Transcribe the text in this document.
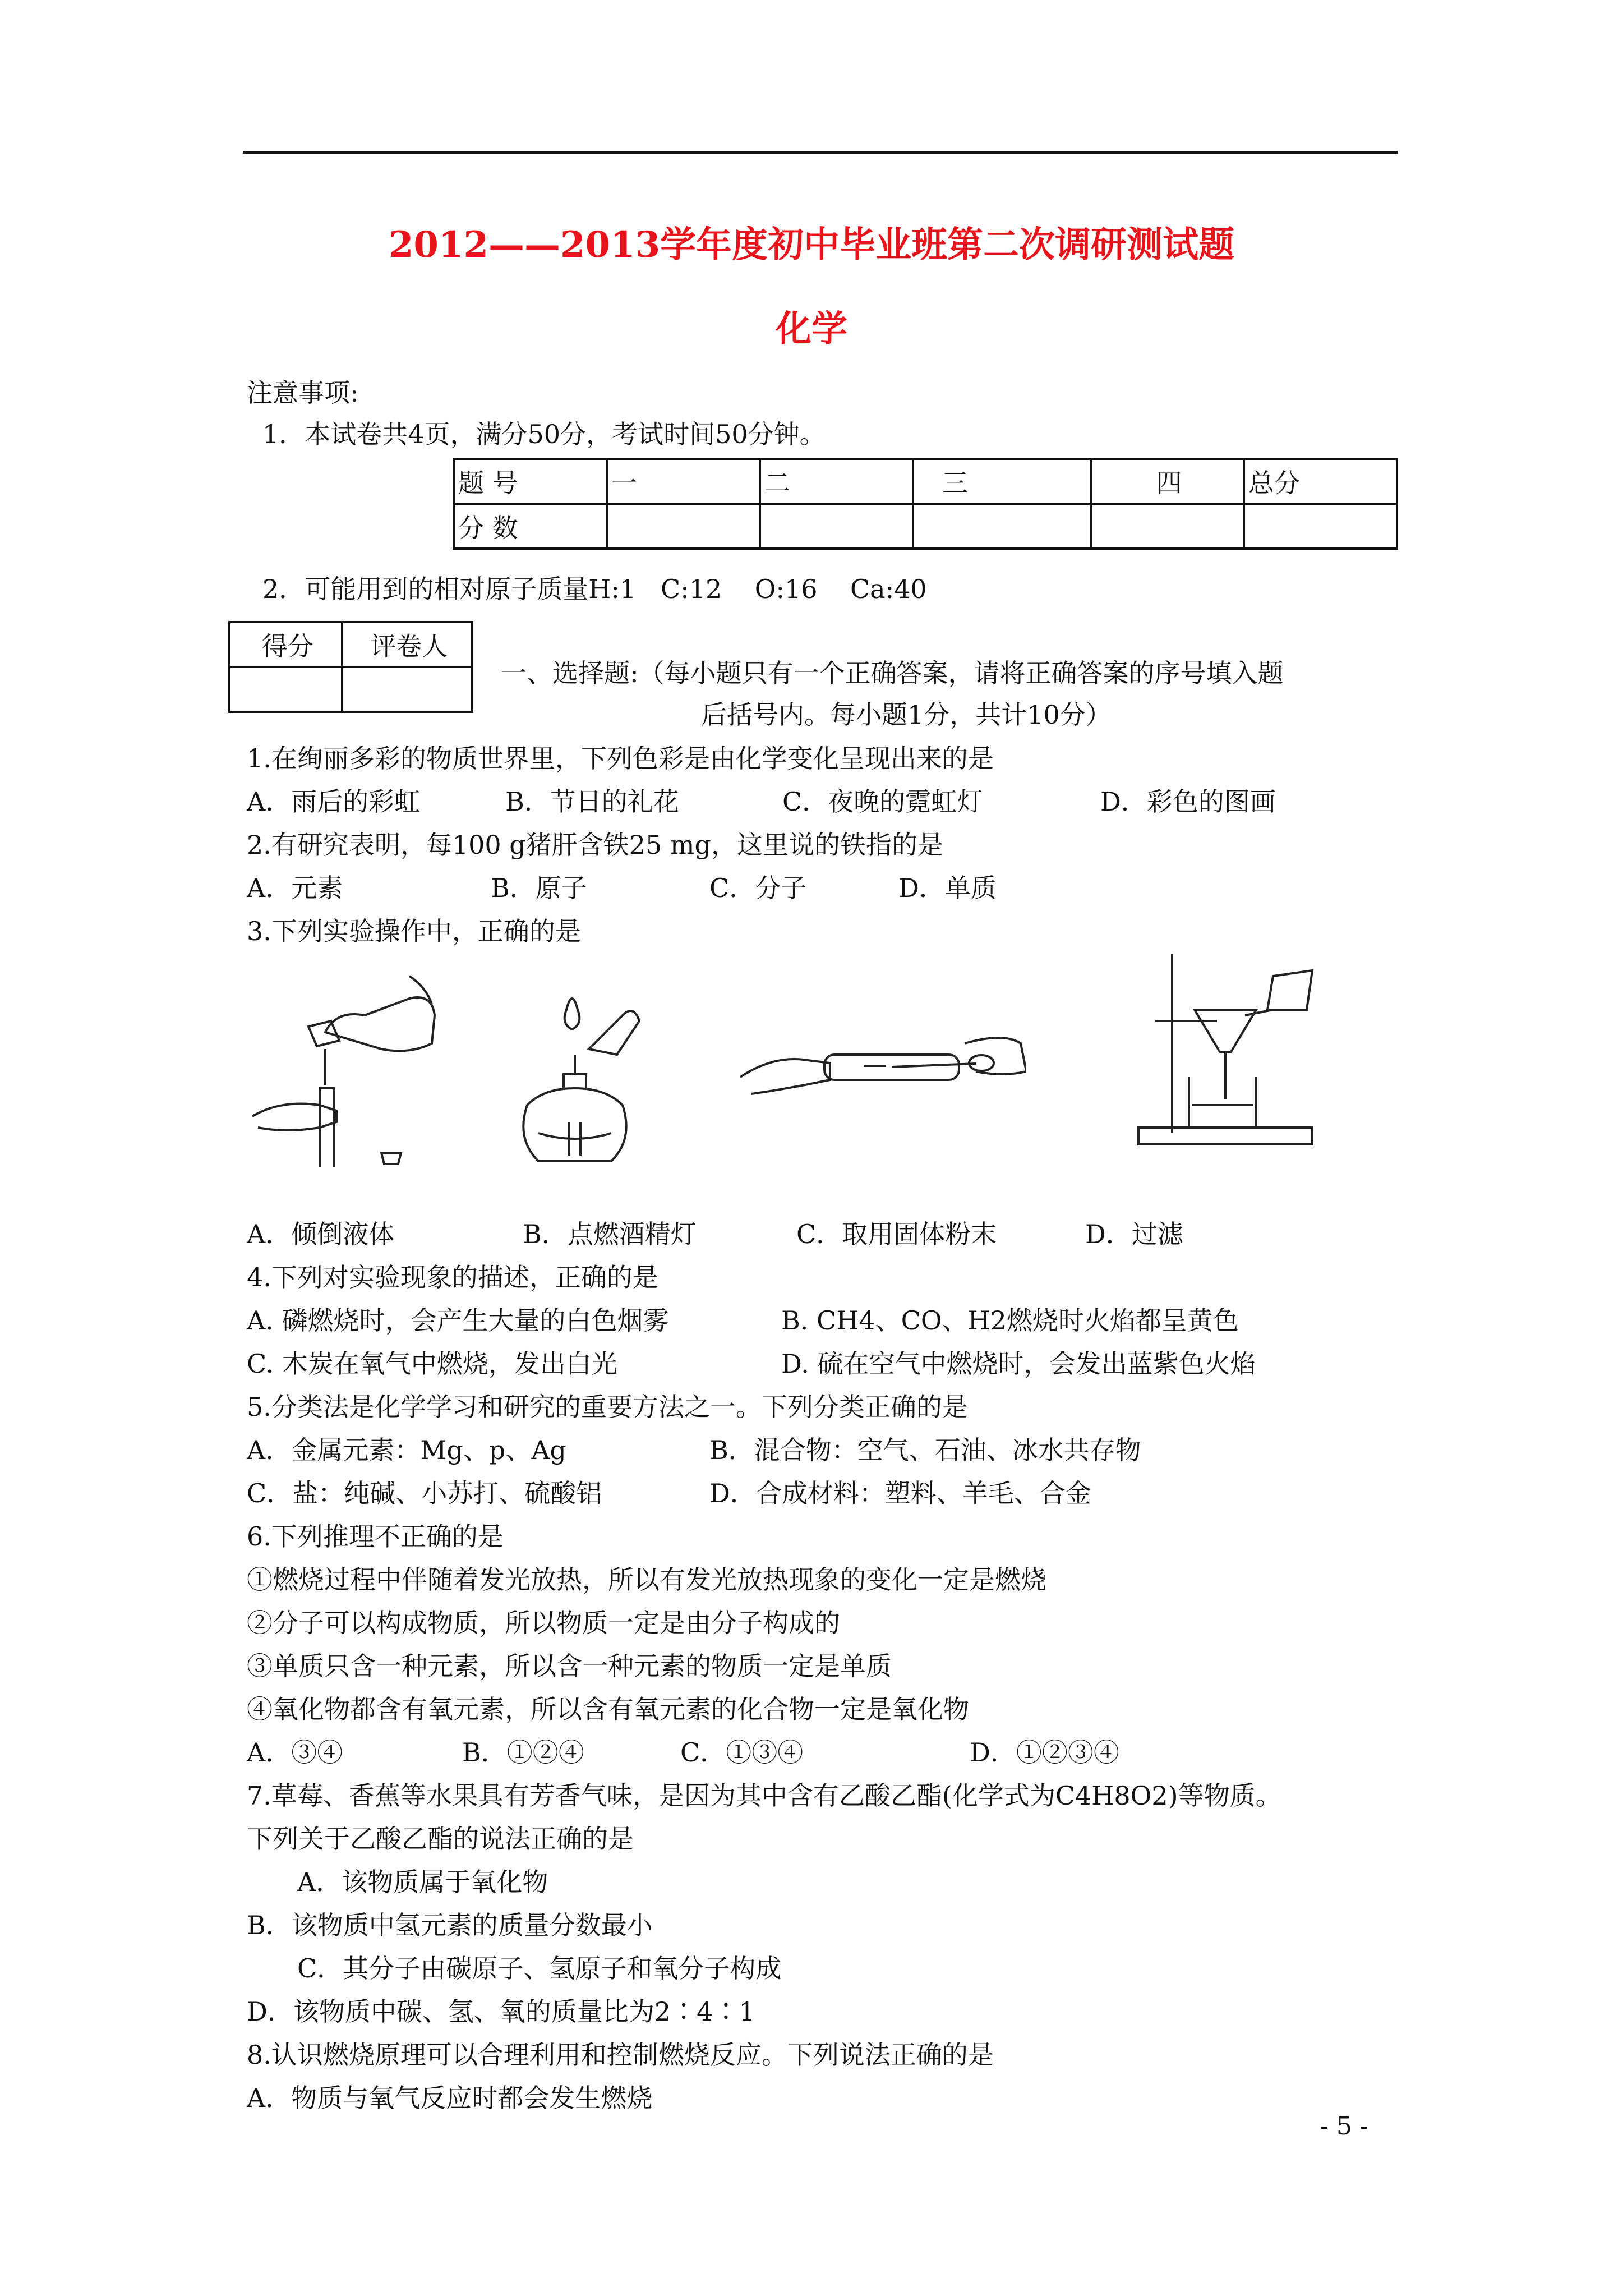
2012——2013学年度初中毕业班第二次调研测试题
化学
注意事项:
1．本试卷共4页，满分50分，考试时间50分钟。
题 号	一	二	三	四	总分
分 数					
2．可能用到的相对原子质量H:1   C:12    O:16    Ca:40
得分	评卷人

一、选择题:（每小题只有一个正确答案，请将正确答案的序号填入题
后括号内。每小题1分，共计10分）
1.在绚丽多彩的物质世界里，下列色彩是由化学变化呈现出来的是
A．雨后的彩虹	B．节日的礼花	C．夜晚的霓虹灯	D．彩色的图画
2.有研究表明，每100 g猪肝含铁25 mg，这里说的铁指的是
A．元素	B．原子	C．分子	D．单质
3.下列实验操作中，正确的是
A．倾倒液体	B．点燃酒精灯	C．取用固体粉末	D．过滤
4.下列对实验现象的描述，正确的是
A. 磷燃烧时，会产生大量的白色烟雾	B. CH4、CO、H2燃烧时火焰都呈黄色
C. 木炭在氧气中燃烧，发出白光	D. 硫在空气中燃烧时，会发出蓝紫色火焰
5.分类法是化学学习和研究的重要方法之一。下列分类正确的是
A．金属元素：Mg、p、Ag	B．混合物：空气、石油、冰水共存物
C．盐：纯碱、小苏打、硫酸铝	D．合成材料：塑料、羊毛、合金
6.下列推理不正确的是
①燃烧过程中伴随着发光放热，所以有发光放热现象的变化一定是燃烧
②分子可以构成物质，所以物质一定是由分子构成的
③单质只含一种元素，所以含一种元素的物质一定是单质
④氧化物都含有氧元素，所以含有氧元素的化合物一定是氧化物
A．③④	B．①②④	C．①③④	D．①②③④
7.草莓、香蕉等水果具有芳香气味，是因为其中含有乙酸乙酯(化学式为C4H8O2)等物质。
下列关于乙酸乙酯的说法正确的是
A．该物质属于氧化物
B．该物质中氢元素的质量分数最小
C．其分子由碳原子、氢原子和氧分子构成
D．该物质中碳、氢、氧的质量比为2∶4∶1
8.认识燃烧原理可以合理利用和控制燃烧反应。下列说法正确的是
A．物质与氧气反应时都会发生燃烧
- 5 -
